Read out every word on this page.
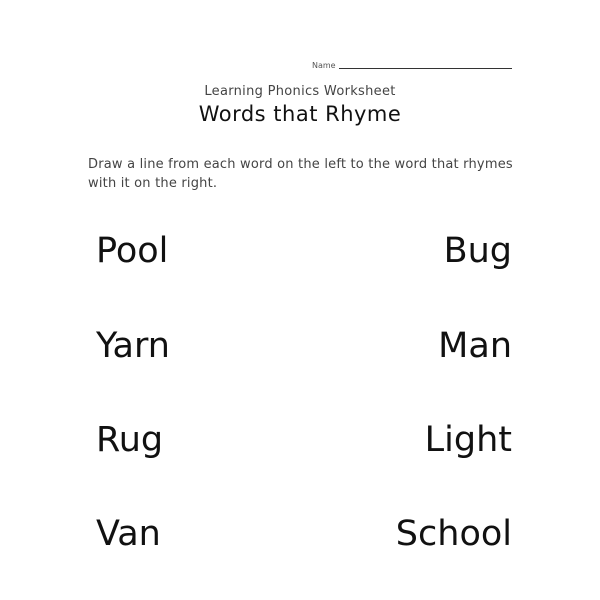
Name
Learning Phonics Worksheet
Words that Rhyme
Draw a line from each word on the left to the word that rhymes with it on the right.
Pool
Yarn
Rug
Van
Bug
Man
Light
School
